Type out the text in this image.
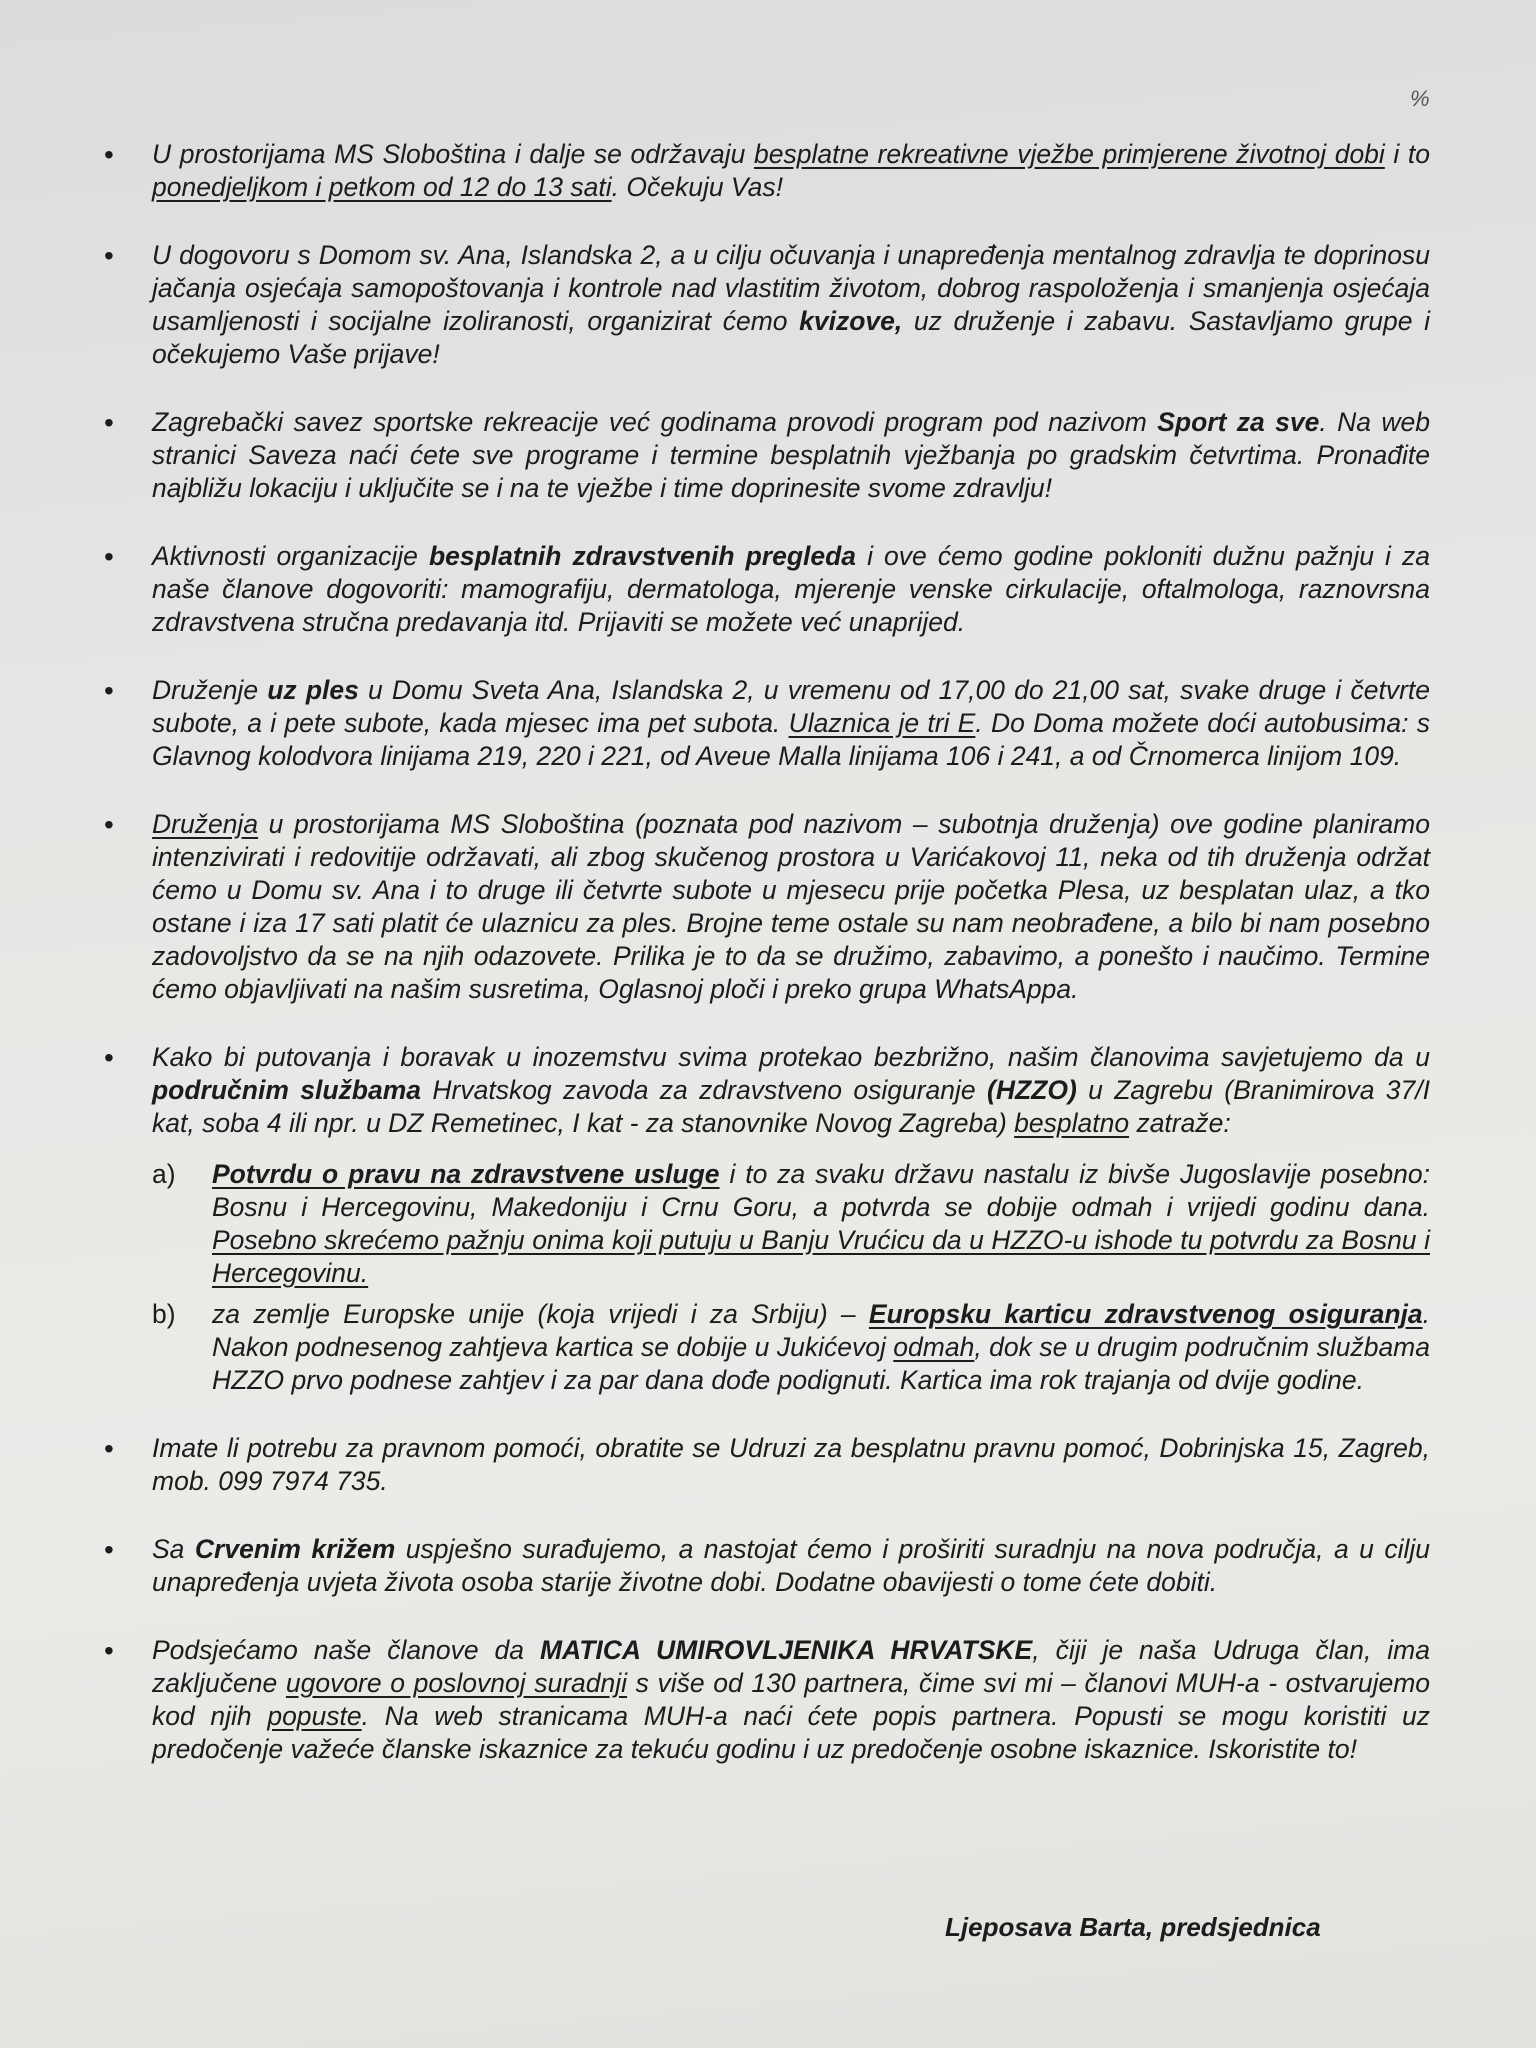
%
• U prostorijama MS Sloboština i dalje se održavaju besplatne rekreativne vježbe primjerene životnoj dobi i to ponedjeljkom i petkom od 12 do 13 sati. Očekuju Vas!
• U dogovoru s Domom sv. Ana, Islandska 2, a u cilju očuvanja i unapređenja mentalnog zdravlja te doprinosu jačanja osjećaja samopoštovanja i kontrole nad vlastitim životom, dobrog raspoloženja i smanjenja osjećaja usamljenosti i socijalne izoliranosti, organizirat ćemo kvizove, uz druženje i zabavu. Sastavljamo grupe i očekujemo Vaše prijave!
• Zagrebački savez sportske rekreacije već godinama provodi program pod nazivom Sport za sve. Na web stranici Saveza naći ćete sve programe i termine besplatnih vježbanja po gradskim četvrtima. Pronađite najbližu lokaciju i uključite se i na te vježbe i time doprinesite svome zdravlju!
• Aktivnosti organizacije besplatnih zdravstvenih pregleda i ove ćemo godine pokloniti dužnu pažnju i za naše članove dogovoriti: mamografiju, dermatologa, mjerenje venske cirkulacije, oftalmologa, raznovrsna zdravstvena stručna predavanja itd. Prijaviti se možete već unaprijed.
• Druženje uz ples u Domu Sveta Ana, Islandska 2, u vremenu od 17,00 do 21,00 sat, svake druge i četvrte subote, a i pete subote, kada mjesec ima pet subota. Ulaznica je tri E. Do Doma možete doći autobusima: s Glavnog kolodvora linijama 219, 220 i 221, od Aveue Malla linijama 106 i 241, a od Črnomerca linijom 109.
• Druženja u prostorijama MS Sloboština (poznata pod nazivom – subotnja druženja) ove godine planiramo intenzivirati i redovitije održavati, ali zbog skučenog prostora u Varićakovoj 11, neka od tih druženja održat ćemo u Domu sv. Ana i to druge ili četvrte subote u mjesecu prije početka Plesa, uz besplatan ulaz, a tko ostane i iza 17 sati platit će ulaznicu za ples. Brojne teme ostale su nam neobrađene, a bilo bi nam posebno zadovoljstvo da se na njih odazovete. Prilika je to da se družimo, zabavimo, a ponešto i naučimo. Termine ćemo objavljivati na našim susretima, Oglasnoj ploči i preko grupa WhatsAppa.
• Kako bi putovanja i boravak u inozemstvu svima protekao bezbrižno, našim članovima savjetujemo da u područnim službama Hrvatskog zavoda za zdravstveno osiguranje (HZZO) u Zagrebu (Branimirova 37/I kat, soba 4 ili npr. u DZ Remetinec, I kat - za stanovnike Novog Zagreba) besplatno zatraže:
a) Potvrdu o pravu na zdravstvene usluge i to za svaku državu nastalu iz bivše Jugoslavije posebno: Bosnu i Hercegovinu, Makedoniju i Crnu Goru, a potvrda se dobije odmah i vrijedi godinu dana. Posebno skrećemo pažnju onima koji putuju u Banju Vrućicu da u HZZO-u ishode tu potvrdu za Bosnu i Hercegovinu.
b) za zemlje Europske unije (koja vrijedi i za Srbiju) – Europsku karticu zdravstvenog osiguranja. Nakon podnesenog zahtjeva kartica se dobije u Jukićevoj odmah, dok se u drugim područnim službama HZZO prvo podnese zahtjev i za par dana dođe podignuti. Kartica ima rok trajanja od dvije godine.
• Imate li potrebu za pravnom pomoći, obratite se Udruzi za besplatnu pravnu pomoć, Dobrinjska 15, Zagreb, mob. 099 7974 735.
• Sa Crvenim križem uspješno surađujemo, a nastojat ćemo i proširiti suradnju na nova područja, a u cilju unapređenja uvjeta života osoba starije životne dobi. Dodatne obavijesti o tome ćete dobiti.
• Podsjećamo naše članove da MATICA UMIROVLJENIKA HRVATSKE, čiji je naša Udruga član, ima zaključene ugovore o poslovnoj suradnji s više od 130 partnera, čime svi mi – članovi MUH-a - ostvarujemo kod njih popuste. Na web stranicama MUH-a naći ćete popis partnera. Popusti se mogu koristiti uz predočenje važeće članske iskaznice za tekuću godinu i uz predočenje osobne iskaznice. Iskoristite to!
Ljeposava Barta, predsjednica
